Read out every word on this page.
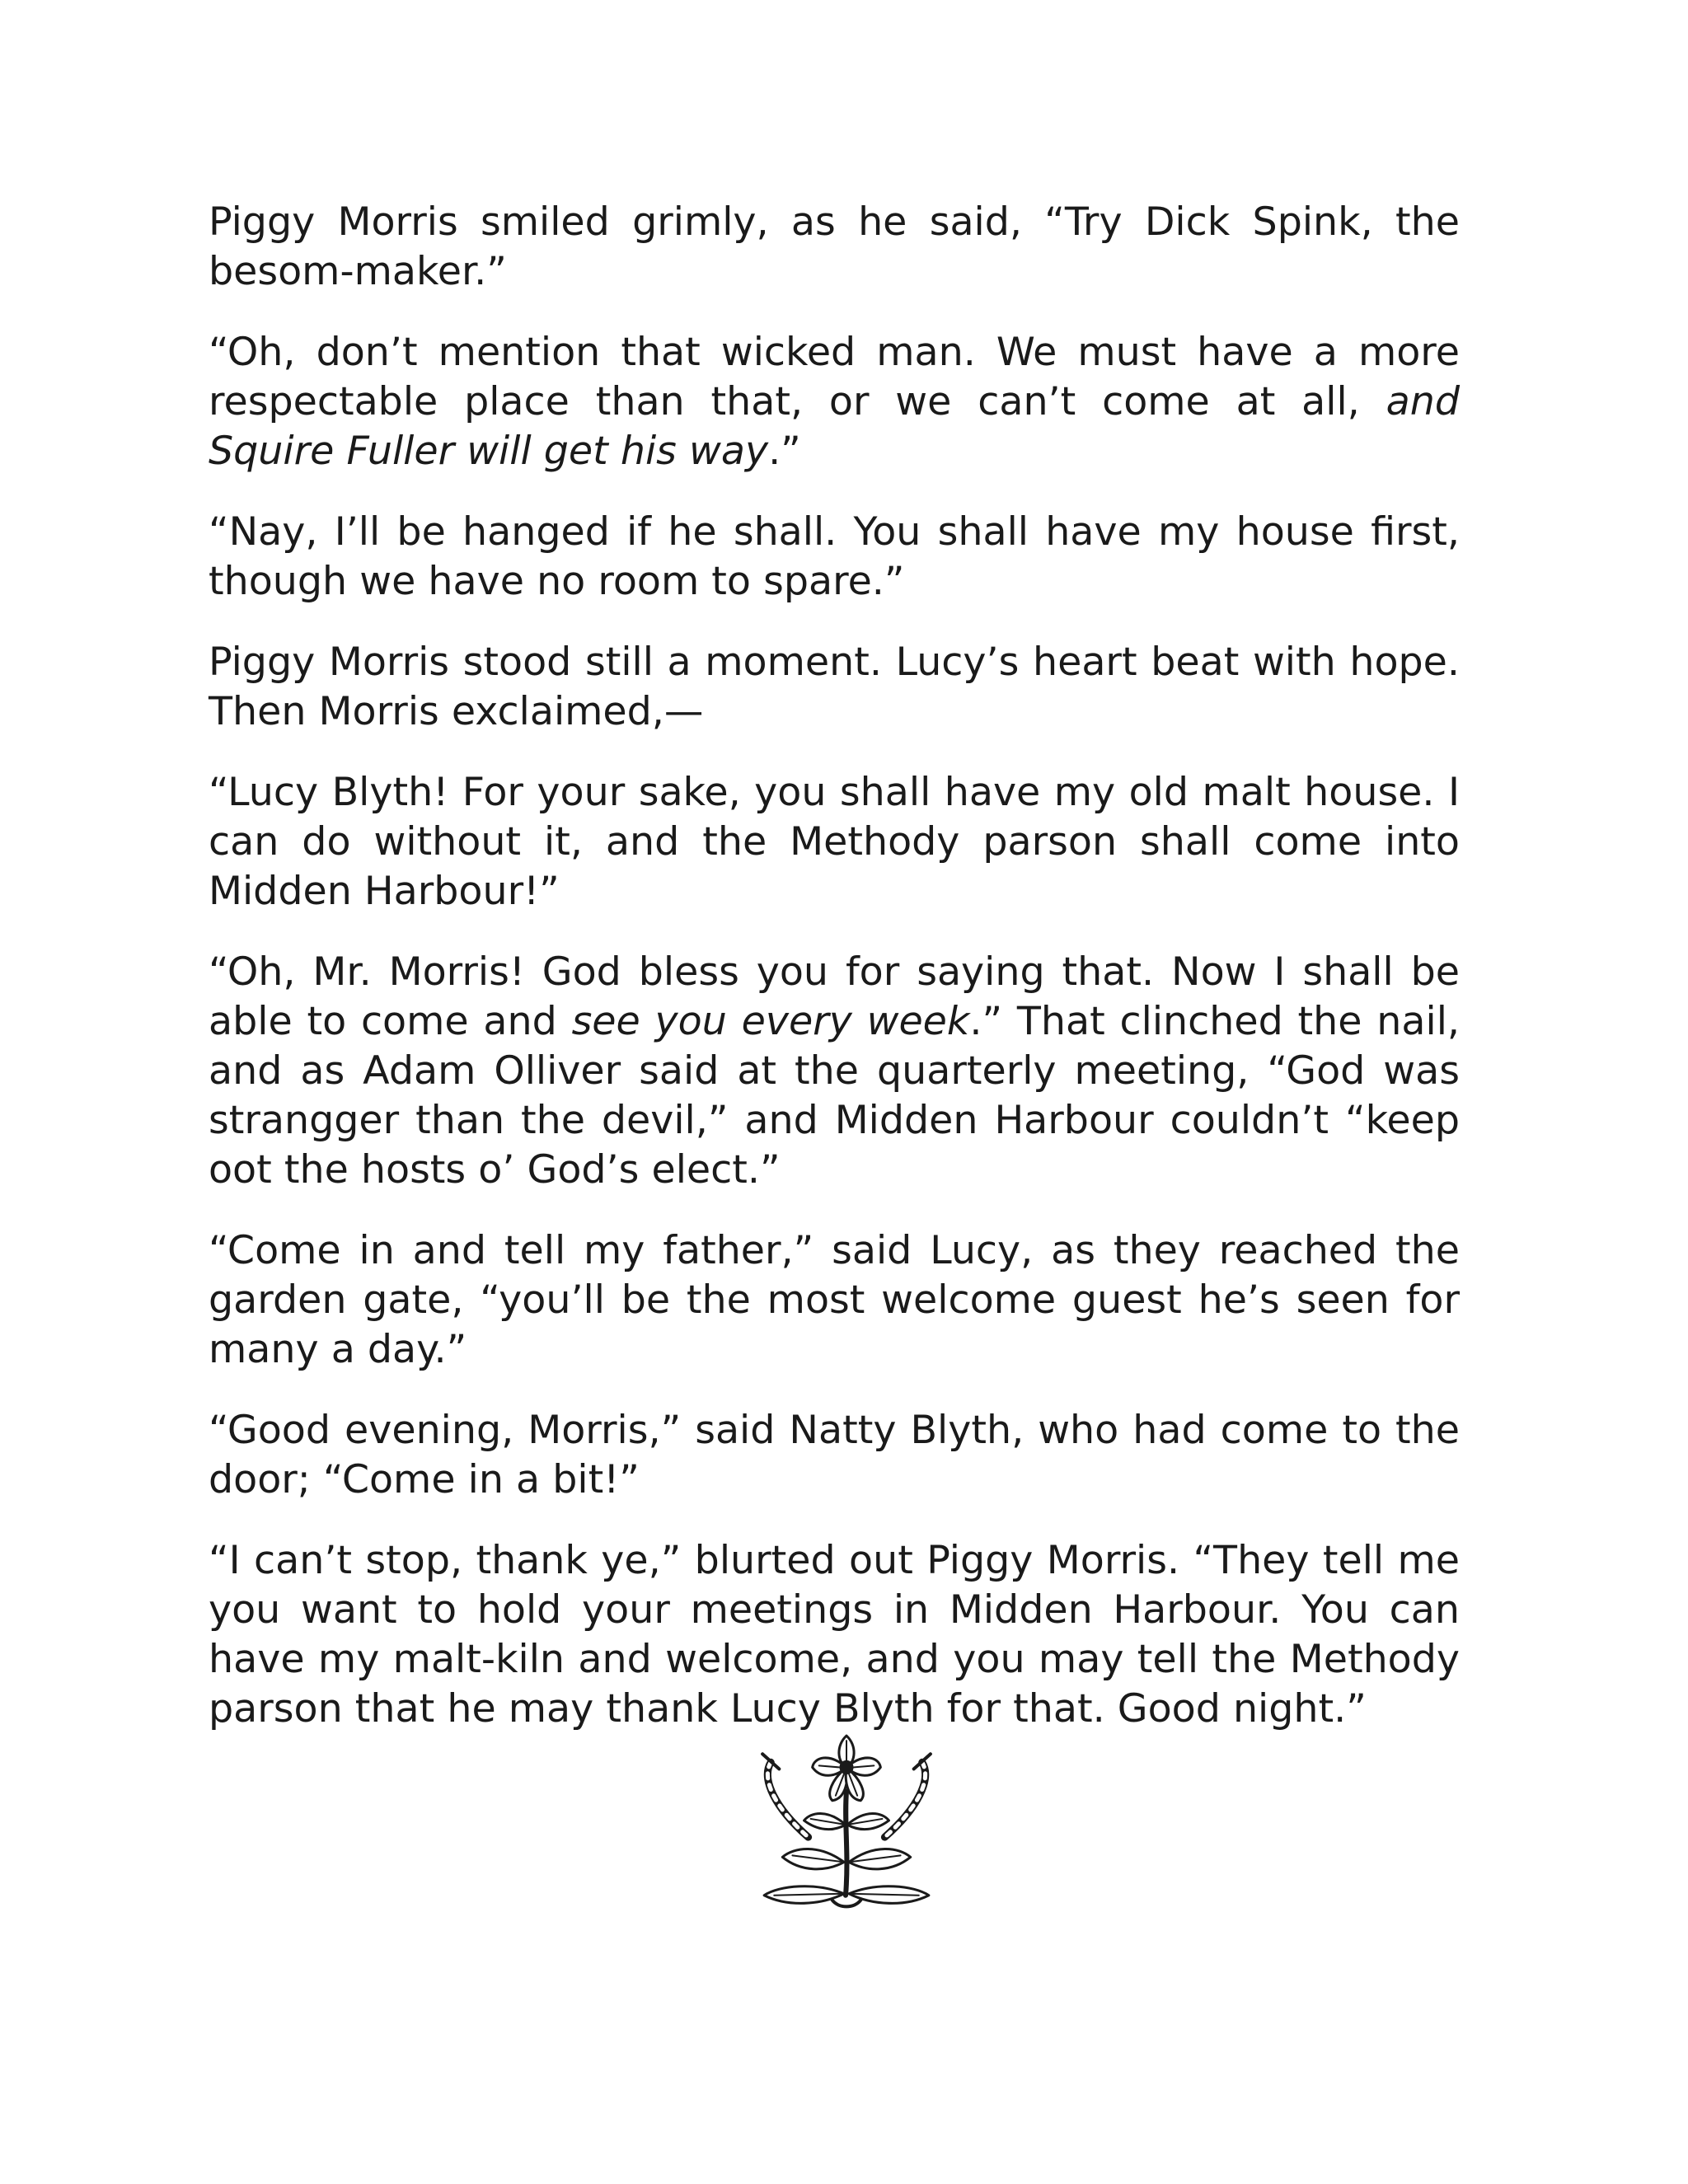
Piggy Morris smiled grimly, as he said, “Try Dick Spink, the besom-maker.”

“Oh, don’t mention that wicked man. We must have a more respectable place than that, or we can’t come at all, and Squire Fuller will get his way.”

“Nay, I’ll be hanged if he shall. You shall have my house first, though we have no room to spare.”

Piggy Morris stood still a moment. Lucy’s heart beat with hope. Then Morris exclaimed,—

“Lucy Blyth! For your sake, you shall have my old malt house. I can do without it, and the Methody parson shall come into Midden Harbour!”

“Oh, Mr. Morris! God bless you for saying that. Now I shall be able to come and see you every week.” That clinched the nail, and as Adam Olliver said at the quarterly meeting, “God was strangger than the devil,” and Midden Harbour couldn’t “keep oot the hosts o’ God’s elect.”

“Come in and tell my father,” said Lucy, as they reached the garden gate, “you’ll be the most welcome guest he’s seen for many a day.”

“Good evening, Morris,” said Natty Blyth, who had come to the door; “Come in a bit!”

“I can’t stop, thank ye,” blurted out Piggy Morris. “They tell me you want to hold your meetings in Midden Harbour. You can have my malt-kiln and welcome, and you may tell the Methody parson that he may thank Lucy Blyth for that. Good night.”
